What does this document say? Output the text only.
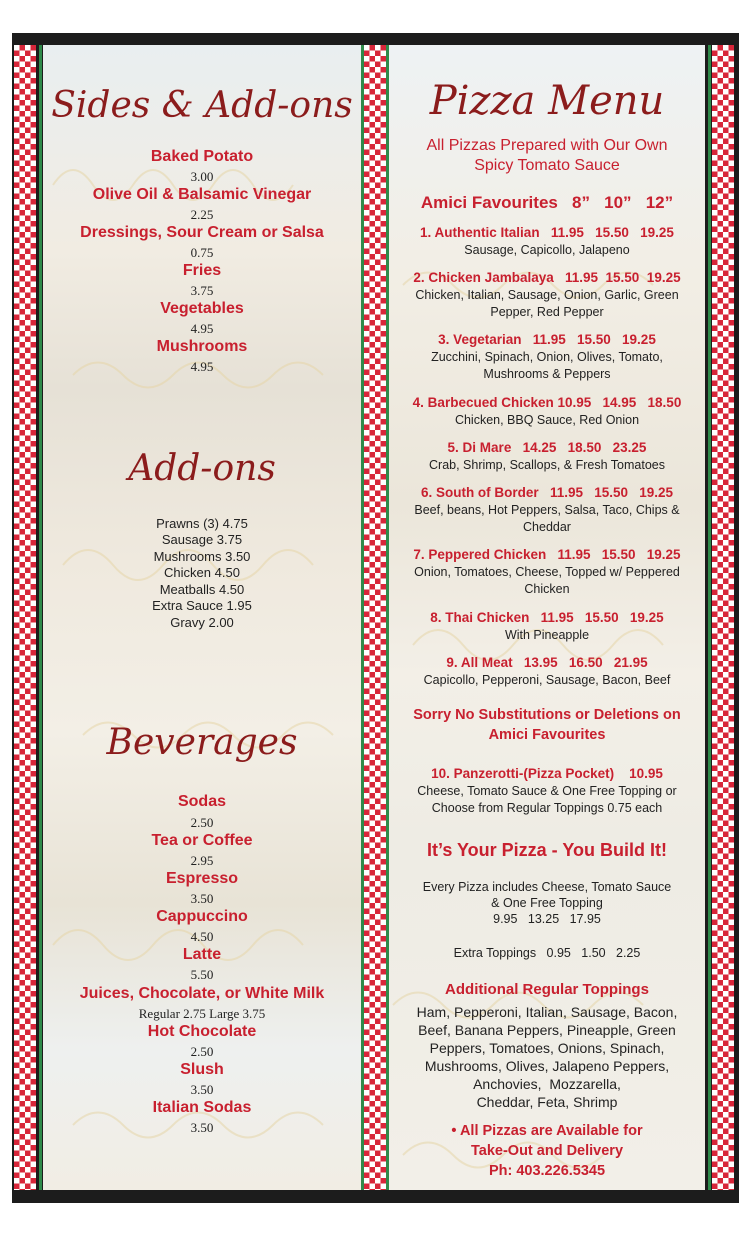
Sides & Add-ons
Baked Potato
3.00
Olive Oil & Balsamic Vinegar
2.25
Dressings, Sour Cream or Salsa
0.75
Fries
3.75
Vegetables
4.95
Mushrooms
4.95
Add-ons
Prawns (3) 4.75
Sausage 3.75
Mushrooms 3.50
Chicken 4.50
Meatballs 4.50
Extra Sauce 1.95
Gravy 2.00
Beverages
Sodas
2.50
Tea or Coffee
2.95
Espresso
3.50
Cappuccino
4.50
Latte
5.50
Juices, Chocolate, or White Milk
Regular 2.75 Large 3.75
Hot Chocolate
2.50
Slush
3.50
Italian Sodas
3.50
Pizza Menu
All Pizzas Prepared with Our Own
Spicy Tomato Sauce
Amici Favourites   8”   10”   12”
1. Authentic Italian   11.95   15.50   19.25
Sausage, Capicollo, Jalapeno
2. Chicken Jambalaya   11.95  15.50  19.25
Chicken, Italian, Sausage, Onion, Garlic, Green Pepper, Red Pepper
3. Vegetarian   11.95   15.50   19.25
Zucchini, Spinach, Onion, Olives, Tomato, Mushrooms & Peppers
4. Barbecued Chicken 10.95   14.95   18.50
Chicken, BBQ Sauce, Red Onion
5. Di Mare   14.25   18.50   23.25
Crab, Shrimp, Scallops, & Fresh Tomatoes
6. South of Border   11.95   15.50   19.25
Beef, beans, Hot Peppers, Salsa, Taco, Chips & Cheddar
7. Peppered Chicken   11.95   15.50   19.25
Onion, Tomatoes, Cheese, Topped w/ Peppered Chicken
8. Thai Chicken   11.95   15.50   19.25
With Pineapple
9. All Meat   13.95   16.50   21.95
Capicollo, Pepperoni, Sausage, Bacon, Beef
Sorry No Substitutions or Deletions on
Amici Favourites
10. Panzerotti-(Pizza Pocket)    10.95
Cheese, Tomato Sauce & One Free Topping or Choose from Regular Toppings 0.75 each
It’s Your Pizza - You Build It!
Every Pizza includes Cheese, Tomato Sauce
& One Free Topping
9.95   13.25   17.95
Extra Toppings   0.95   1.50   2.25
Additional Regular Toppings
Ham, Pepperoni, Italian, Sausage, Bacon,
Beef, Banana Peppers, Pineapple, Green
Peppers, Tomatoes, Onions, Spinach,
Mushrooms, Olives, Jalapeno Peppers,
Anchovies,  Mozzarella,
Cheddar, Feta, Shrimp
• All Pizzas are Available for
Take-Out and Delivery
Ph: 403.226.5345
